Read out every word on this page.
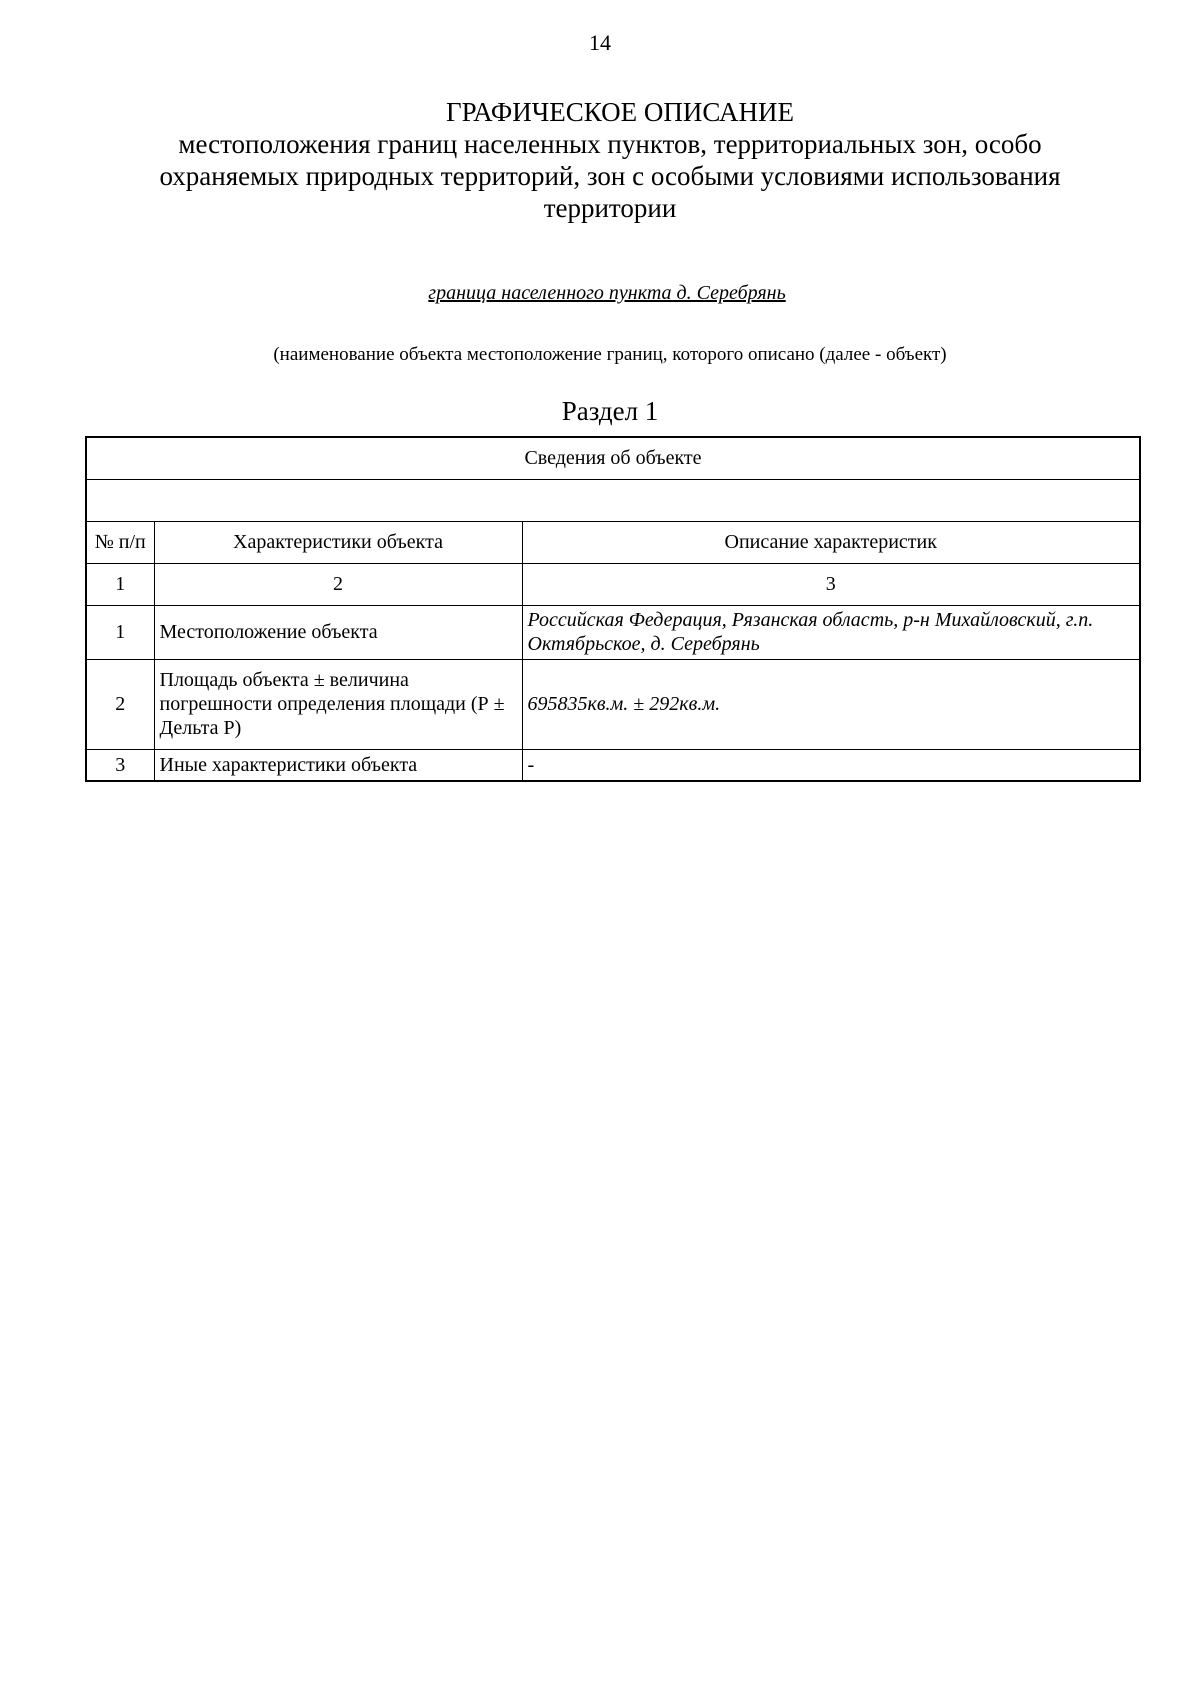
14
ГРАФИЧЕСКОЕ ОПИСАНИЕ
местоположения границ населенных пунктов, территориальных зон, особо охраняемых природных территорий, зон с особыми условиями использования территории
граница населенного пункта д. Серебрянь
(наименование объекта местоположение границ, которого описано (далее - объект)
Раздел 1
Сведения об объекте		

№ п/п	Характеристики объекта	Описание характеристик
1	2	3
1	Местоположение объекта	Российская Федерация, Рязанская область, р-н Михайловский, г.п. Октябрьское, д. Серебрянь
2	Площадь объекта ± величина погрешности определения площади (Р ± Дельта Р)	695835кв.м. ± 292кв.м.
3	Иные характеристики объекта	-
